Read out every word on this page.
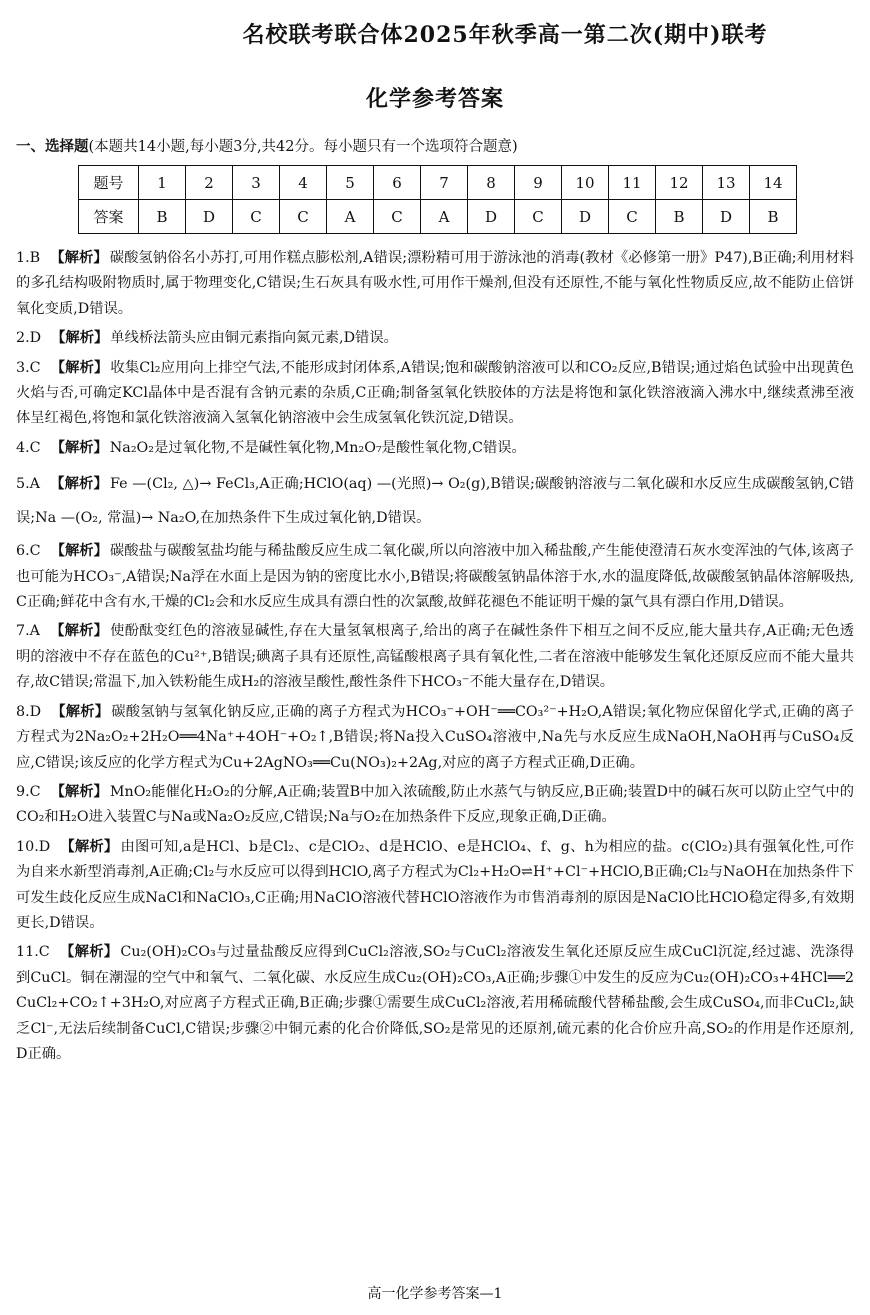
名校联考联合体2025年秋季高一第二次(期中)联考
化学参考答案
一、选择题(本题共14小题,每小题3分,共42分。每小题只有一个选项符合题意)
题号	1	2	3	4	5	6	7	8	9	10	11	12	13	14
答案	B	D	C	C	A	C	A	D	C	D	C	B	D	B

1.B 【解析】 碳酸氢钠俗名小苏打,可用作糕点膨松剂,A错误;漂粉精可用于游泳池的消毒(教材《必修第一册》P47),B正确;利用材料的多孔结构吸附物质时,属于物理变化,C错误;生石灰具有吸水性,可用作干燥剂,但没有还原性,不能与氧化性物质反应,故不能防止倍饼氧化变质,D错误。

2.D 【解析】 单线桥法箭头应由铜元素指向氮元素,D错误。

3.C 【解析】 收集Cl₂应用向上排空气法,不能形成封闭体系,A错误;饱和碳酸钠溶液可以和CO₂反应,B错误;通过焰色试验中出现黄色火焰与否,可确定KCl晶体中是否混有含钠元素的杂质,C正确;制备氢氧化铁胶体的方法是将饱和氯化铁溶液滴入沸水中,继续煮沸至液体呈红褐色,将饱和氯化铁溶液滴入氢氧化钠溶液中会生成氢氧化铁沉淀,D错误。

4.C 【解析】 Na₂O₂是过氧化物,不是碱性氧化物,Mn₂O₇是酸性氧化物,C错误。

5.A 【解析】 Fe —(Cl₂, △)→ FeCl₃,A正确;HClO(aq) —(光照)→ O₂(g),B错误;碳酸钠溶液与二氧化碳和水反应生成碳酸氢钠,C错误;Na —(O₂, 常温)→ Na₂O,在加热条件下生成过氧化钠,D错误。

6.C 【解析】 碳酸盐与碳酸氢盐均能与稀盐酸反应生成二氧化碳,所以向溶液中加入稀盐酸,产生能使澄清石灰水变浑浊的气体,该离子也可能为HCO₃⁻,A错误;Na浮在水面上是因为钠的密度比水小,B错误;将碳酸氢钠晶体溶于水,水的温度降低,故碳酸氢钠晶体溶解吸热,C正确;鲜花中含有水,干燥的Cl₂会和水反应生成具有漂白性的次氯酸,故鲜花褪色不能证明干燥的氯气具有漂白作用,D错误。

7.A 【解析】 使酚酞变红色的溶液显碱性,存在大量氢氧根离子,给出的离子在碱性条件下相互之间不反应,能大量共存,A正确;无色透明的溶液中不存在蓝色的Cu²⁺,B错误;碘离子具有还原性,高锰酸根离子具有氧化性,二者在溶液中能够发生氧化还原反应而不能大量共存,故C错误;常温下,加入铁粉能生成H₂的溶液呈酸性,酸性条件下HCO₃⁻不能大量存在,D错误。

8.D 【解析】 碳酸氢钠与氢氧化钠反应,正确的离子方程式为HCO₃⁻+OH⁻══CO₃²⁻+H₂O,A错误;氧化物应保留化学式,正确的离子方程式为2Na₂O₂+2H₂O══4Na⁺+4OH⁻+O₂↑,B错误;将Na投入CuSO₄溶液中,Na先与水反应生成NaOH,NaOH再与CuSO₄反应,C错误;该反应的化学方程式为Cu+2AgNO₃══Cu(NO₃)₂+2Ag,对应的离子方程式正确,D正确。

9.C 【解析】 MnO₂能催化H₂O₂的分解,A正确;装置B中加入浓硫酸,防止水蒸气与钠反应,B正确;装置D中的碱石灰可以防止空气中的CO₂和H₂O进入装置C与Na或Na₂O₂反应,C错误;Na与O₂在加热条件下反应,现象正确,D正确。

10.D 【解析】 由图可知,a是HCl、b是Cl₂、c是ClO₂、d是HClO、e是HClO₄、f、g、h为相应的盐。c(ClO₂)具有强氧化性,可作为自来水新型消毒剂,A正确;Cl₂与水反应可以得到HClO,离子方程式为Cl₂+H₂O⇌H⁺+Cl⁻+HClO,B正确;Cl₂与NaOH在加热条件下可发生歧化反应生成NaCl和NaClO₃,C正确;用NaClO溶液代替HClO溶液作为市售消毒剂的原因是NaClO比HClO稳定得多,有效期更长,D错误。

11.C 【解析】 Cu₂(OH)₂CO₃与过量盐酸反应得到CuCl₂溶液,SO₂与CuCl₂溶液发生氧化还原反应生成CuCl沉淀,经过滤、洗涤得到CuCl。铜在潮湿的空气中和氧气、二氧化碳、水反应生成Cu₂(OH)₂CO₃,A正确;步骤①中发生的反应为Cu₂(OH)₂CO₃+4HCl══2CuCl₂+CO₂↑+3H₂O,对应离子方程式正确,B正确;步骤①需要生成CuCl₂溶液,若用稀硫酸代替稀盐酸,会生成CuSO₄,而非CuCl₂,缺乏Cl⁻,无法后续制备CuCl,C错误;步骤②中铜元素的化合价降低,SO₂是常见的还原剂,硫元素的化合价应升高,SO₂的作用是作还原剂,D正确。

高一化学参考答案—1
